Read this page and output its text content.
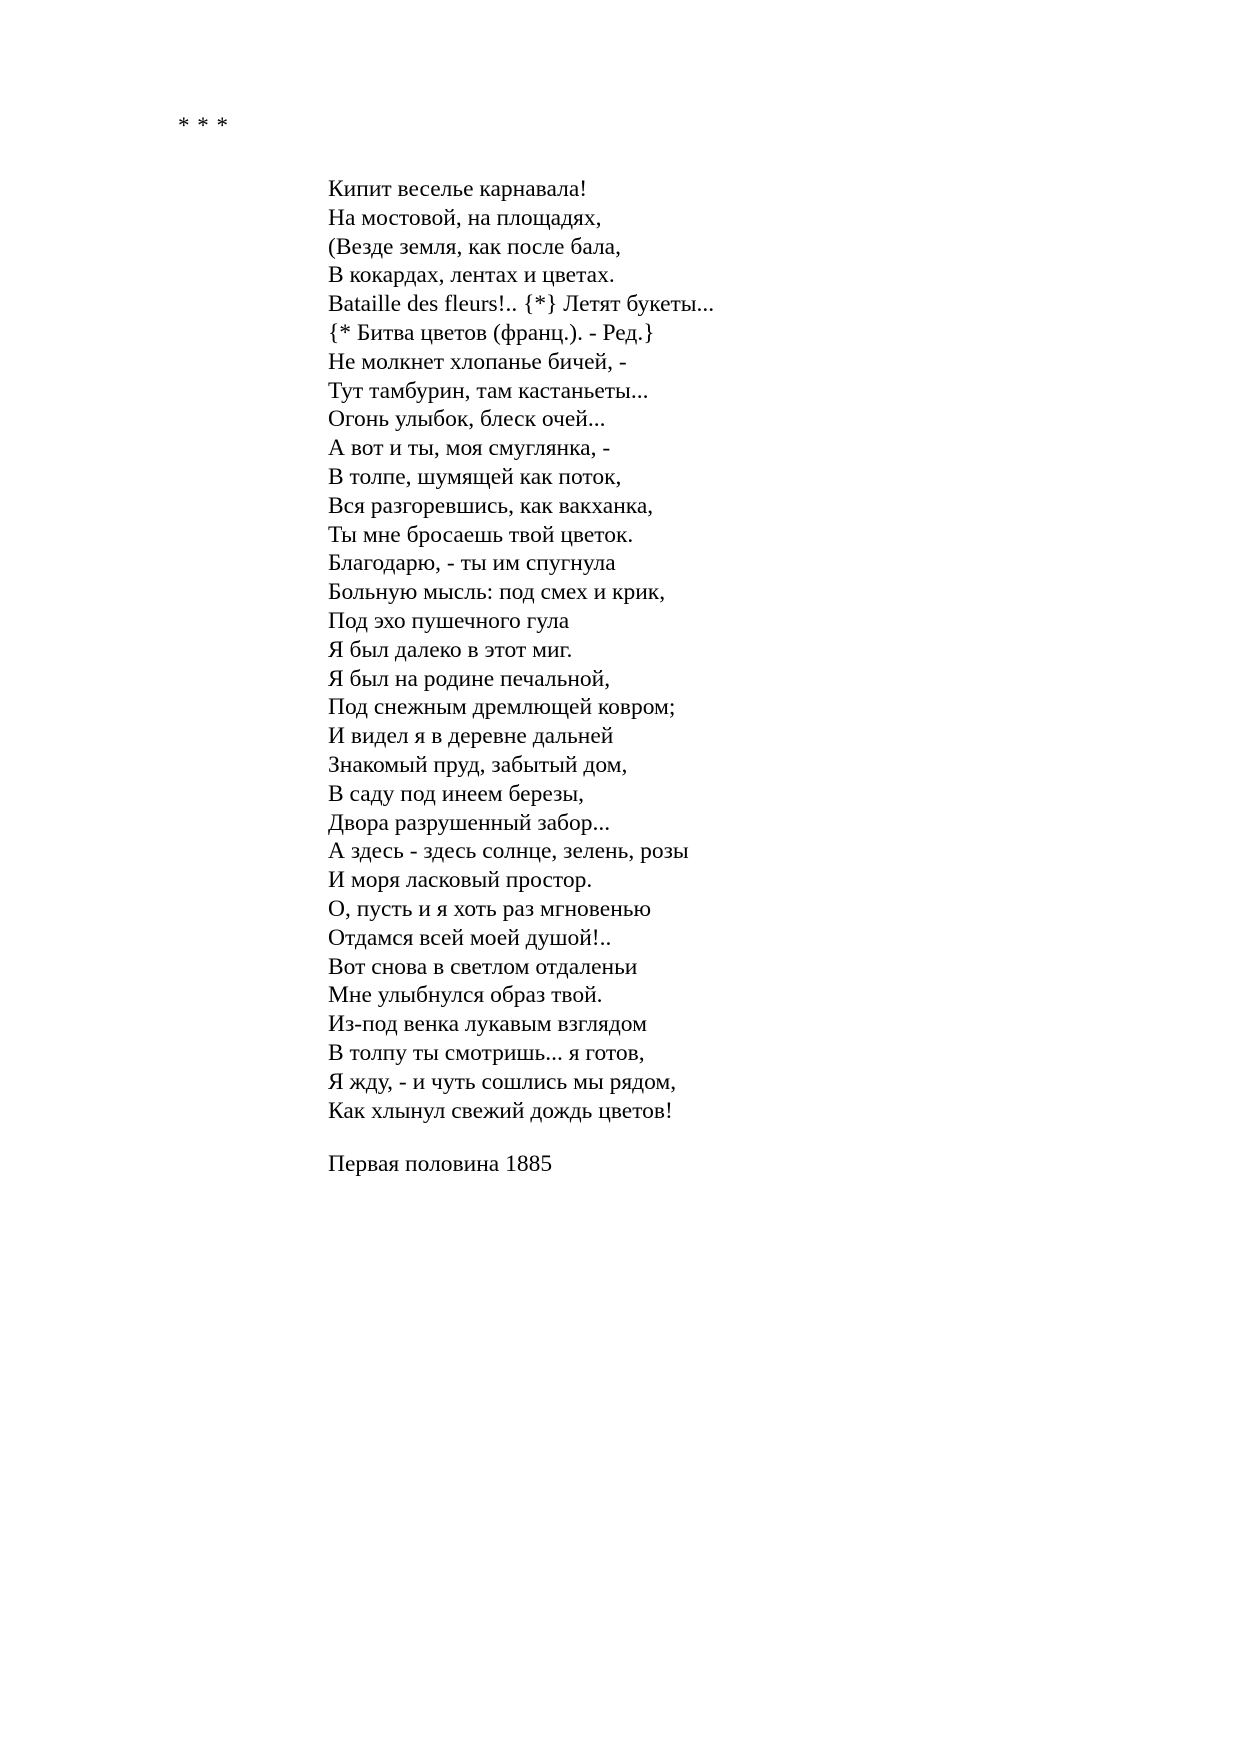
* * *
Кипит веселье карнавала!
На мостовой, на площадях,
(Везде земля, как после бала,
В кокардах, лентах и цветах.
Bataille des fleurs!.. {*} Летят букеты...
{* Битва цветов (франц.). - Ред.}
Не молкнет хлопанье бичей, -
Тут тамбурин, там кастаньеты...
Огонь улыбок, блеск очей...
А вот и ты, моя смуглянка, -
В толпе, шумящей как поток,
Вся разгоревшись, как вакханка,
Ты мне бросаешь твой цветок.
Благодарю, - ты им спугнула
Больную мысль: под смех и крик,
Под эхо пушечного гула
Я был далеко в этот миг.
Я был на родине печальной,
Под снежным дремлющей ковром;
И видел я в деревне дальней
Знакомый пруд, забытый дом,
В саду под инеем березы,
Двора разрушенный забор...
А здесь - здесь солнце, зелень, розы
И моря ласковый простор.
О, пусть и я хоть раз мгновенью
Отдамся всей моей душой!..
Вот снова в светлом отдаленьи
Мне улыбнулся образ твой.
Из-под венка лукавым взглядом
В толпу ты смотришь... я готов,
Я жду, - и чуть сошлись мы рядом,
Как хлынул свежий дождь цветов!
Первая половина 1885
